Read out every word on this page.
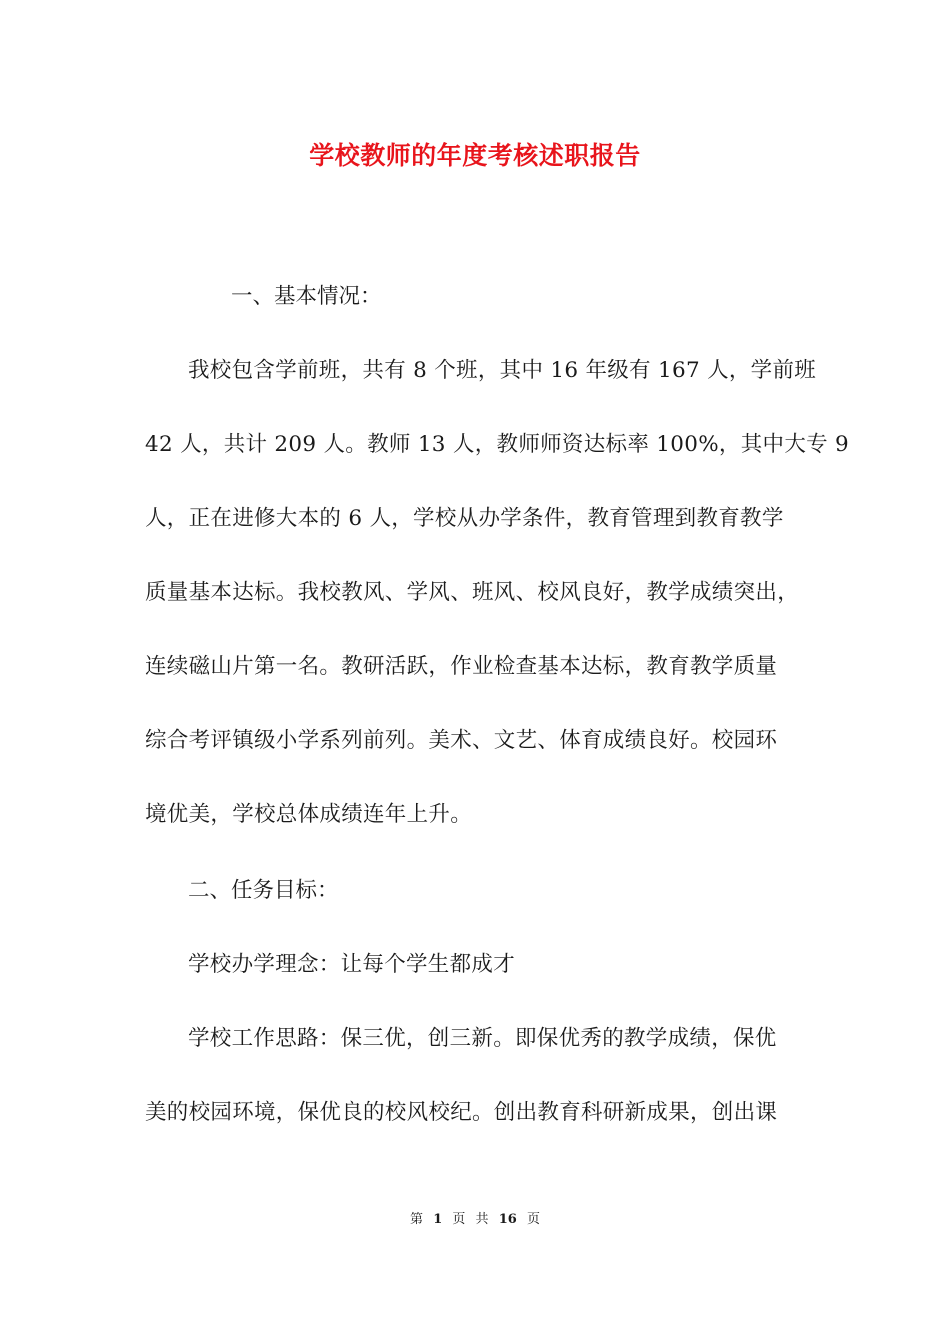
学校教师的年度考核述职报告

一、基本情况：

我校包含学前班，共有 8 个班，其中 16 年级有 167 人，学前班
42 人，共计 209 人。教师 13 人，教师师资达标率 100%，其中大专 9
人，正在进修大本的 6 人，学校从办学条件，教育管理到教育教学
质量基本达标。我校教风、学风、班风、校风良好，教学成绩突出，
连续磁山片第一名。教研活跃，作业检查基本达标，教育教学质量
综合考评镇级小学系列前列。美术、文艺、体育成绩良好。校园环
境优美，学校总体成绩连年上升。

二、任务目标：

学校办学理念：让每个学生都成才
学校工作思路：保三优，创三新。即保优秀的教学成绩，保优
美的校园环境，保优良的校风校纪。创出教育科研新成果，创出课
第 1 页 共 16 页
